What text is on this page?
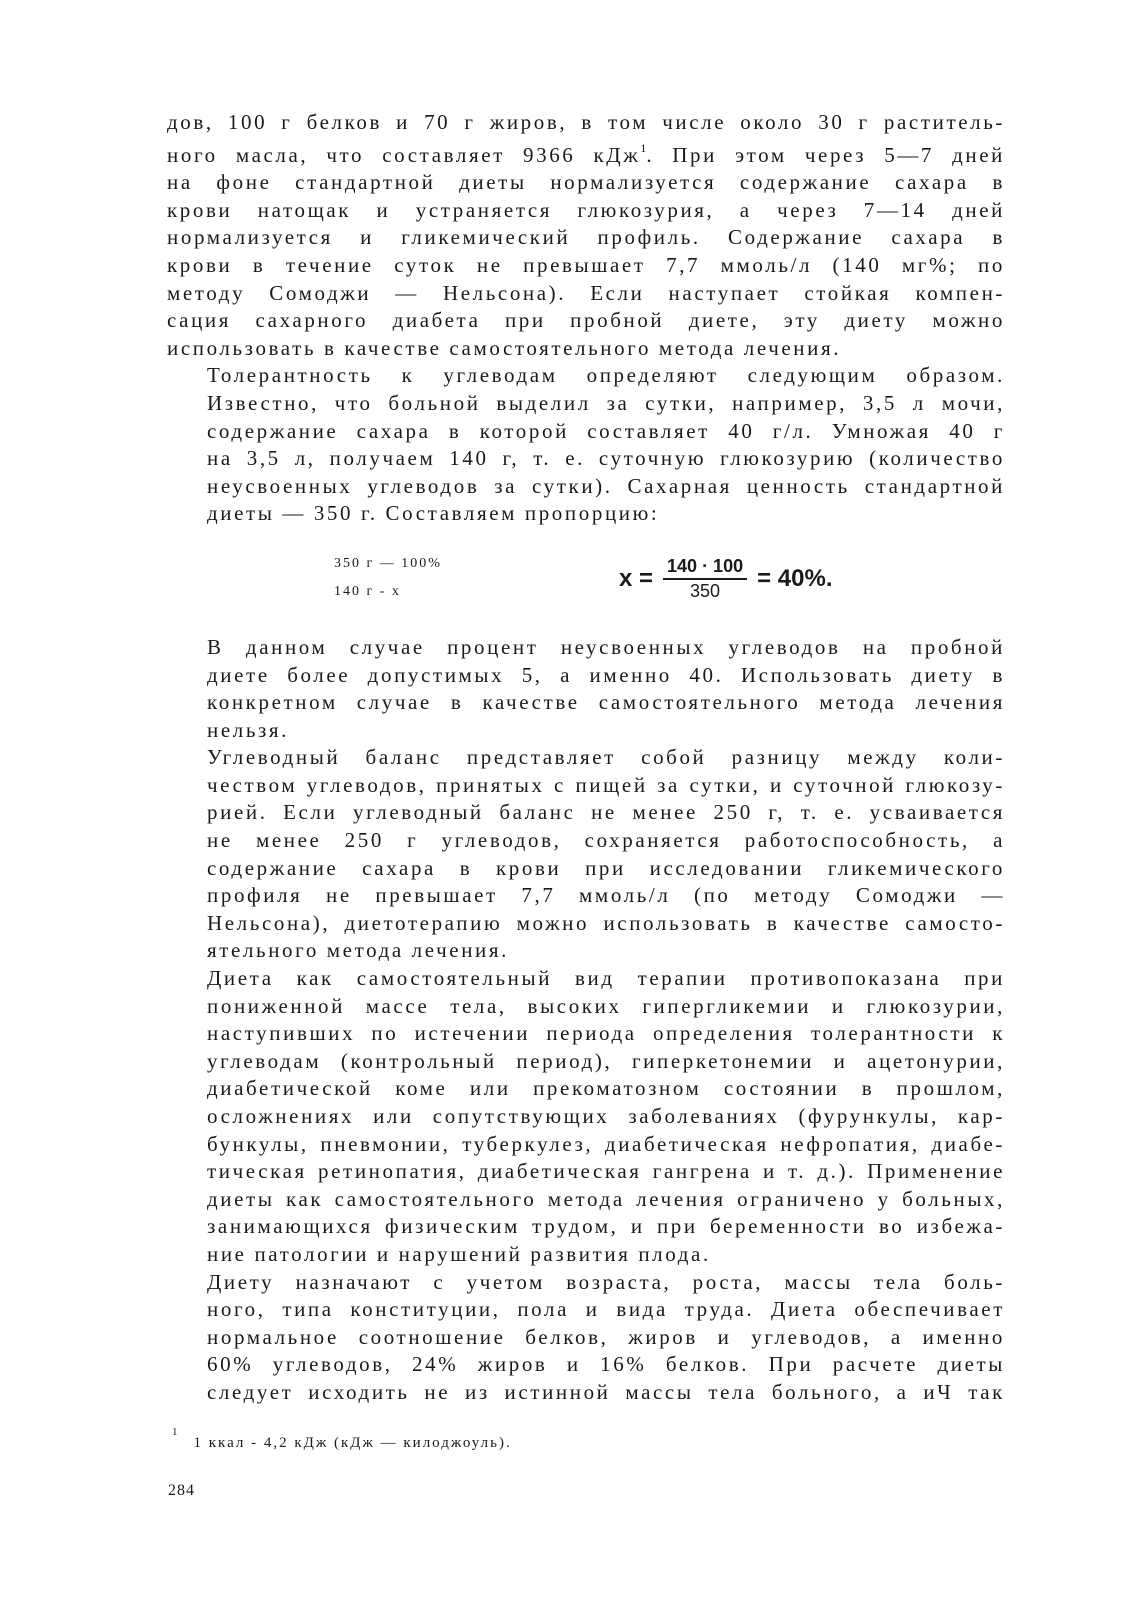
дов, 100 г белков и 70 г жиров, в том числе около 30 г раститель-
ного масла, что составляет 9366 кДж$^1$. При этом через 5—7 дней
на фоне стандартной диеты нормализуется содержание сахара в
крови натощак и устраняется глюкозурия, а через 7—14 дней
нормализуется и гликемический профиль. Содержание сахара в
крови в течение суток не превышает 7,7 ммоль/л (140 мг%; по
методу Сомоджи — Нельсона). Если наступает стойкая компен-
сация сахарного диабета при пробной диете, эту диету можно
использовать в качестве самостоятельного метода лечения.

Толерантность к углеводам определяют следующим образом.
Известно, что больной выделил за сутки, например, 3,5 л мочи,
содержание сахара в которой составляет 40 г/л. Умножая 40 г
на 3,5 л, получаем 140 г, т. е. суточную глюкозурию (количество
неусвоенных углеводов за сутки). Сахарная ценность стандартной
диеты — 350 г. Составляем пропорцию:

В данном случае процент неусвоенных углеводов на пробной
диете более допустимых 5, а именно 40. Использовать диету в
конкретном случае в качестве самостоятельного метода лечения
нельзя.

Углеводный баланс представляет собой разницу между коли-
чеством углеводов, принятых с пищей за сутки, и суточной глюкозу-
рией. Если углеводный баланс не менее 250 г, т. е. усваивается
не менее 250 г углеводов, сохраняется работоспособность, а
содержание сахара в крови при исследовании гликемического
профиля не превышает 7,7 ммоль/л (по методу Сомоджи —
Нельсона), диетотерапию можно использовать в качестве самосто-
ятельного метода лечения.

Диета как самостоятельный вид терапии противопоказана при
пониженной массе тела, высоких гипергликемии и глюкозурии,
наступивших по истечении периода определения толерантности к
углеводам (контрольный период), гиперкетонемии и ацетонурии,
диабетической коме или прекоматозном состоянии в прошлом,
осложнениях или сопутствующих заболеваниях (фурункулы, кар-
бункулы, пневмонии, туберкулез, диабетическая нефропатия, диабе-
тическая ретинопатия, диабетическая гангрена и т. д.). Применение
диеты как самостоятельного метода лечения ограничено у больных,
занимающихся физическим трудом, и при беременности во избежа-
ние патологии и нарушений развития плода.

Диету назначают с учетом возраста, роста, массы тела боль-
ного, типа конституции, пола и вида труда. Диета обеспечивает
нормальное соотношение белков, жиров и углеводов, а именно
60% углеводов, 24% жиров и 16% белков. При расчете диеты
следует исходить не из истинной массы тела больного, а иЧ так

350 г — 100%
140 г - x	$x = \frac{140 \cdot 100}{350} = 40\%$.
$^1$1 ккал - 4,2 кДж (кДж — килоджоуль).
284
